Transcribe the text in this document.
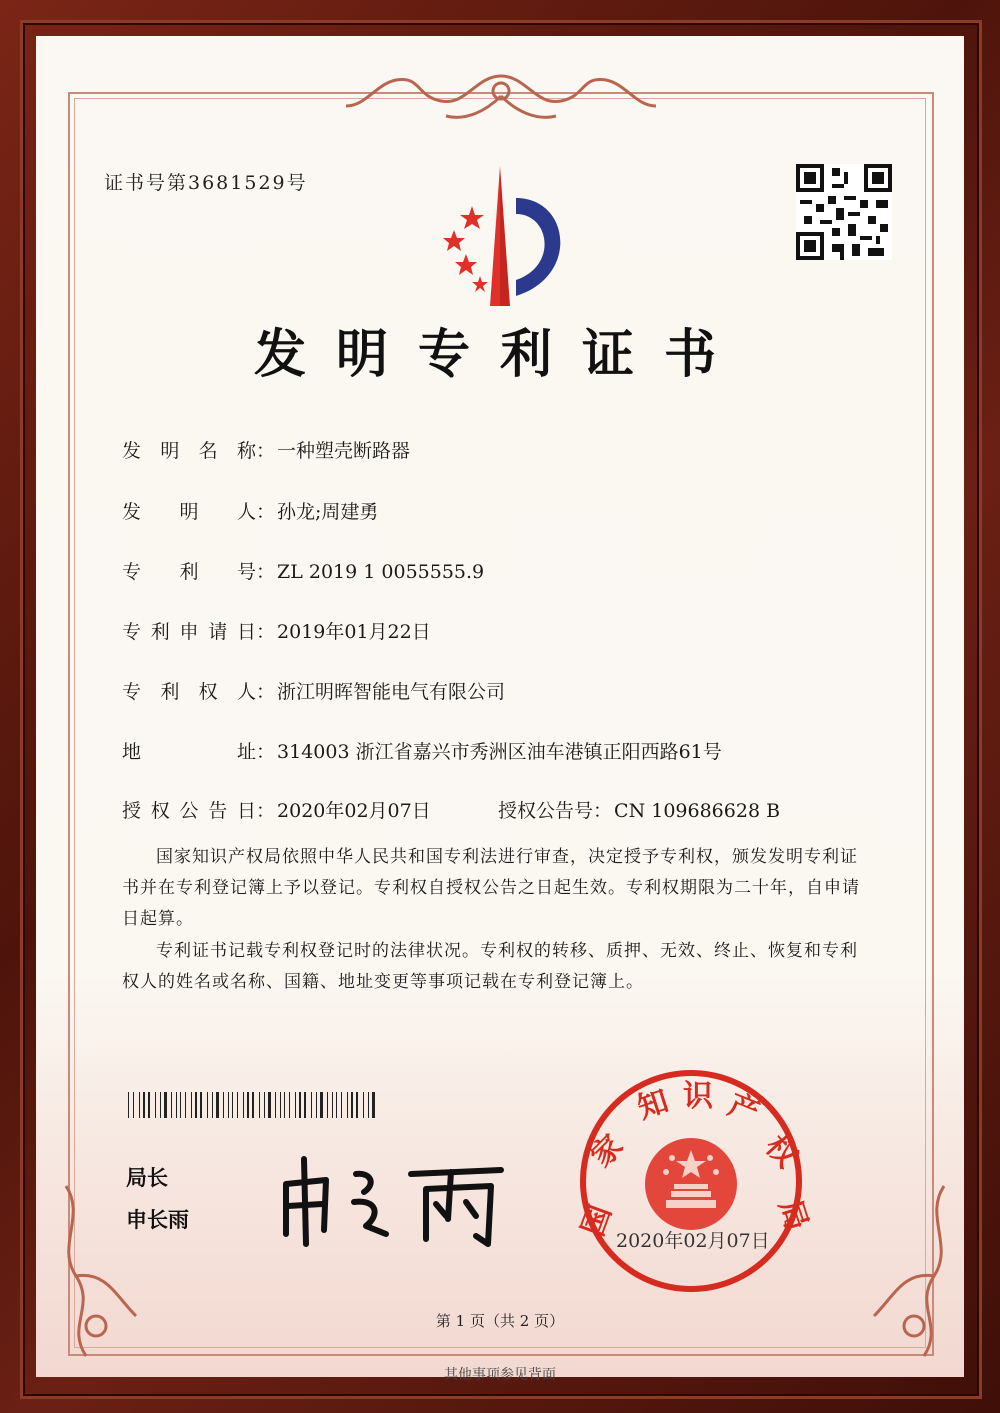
证书号第3681529号
发明专利证书
发明名称： 一种塑壳断路器
发明人： 孙龙;周建勇
专利号： ZL 2019 1 0055555.9
专利申请日： 2019年01月22日
专利权人： 浙江明晖智能电气有限公司
地址： 314003 浙江省嘉兴市秀洲区油车港镇正阳西路61号
授权公告日： 2020年02月07日	授权公告号： CN 109686628 B
国家知识产权局依照中华人民共和国专利法进行审查，决定授予专利权，颁发发明专利证书并在专利登记簿上予以登记。专利权自授权公告之日起生效。专利权期限为二十年，自申请日起算。
专利证书记载专利权登记时的法律状况。专利权的转移、质押、无效、终止、恢复和专利权人的姓名或名称、国籍、地址变更等事项记载在专利登记簿上。
局长
申长雨	国
家
知 识 产
权
局
2020年02月07日
第 1 页（共 2 页）
其他事项参见背面
